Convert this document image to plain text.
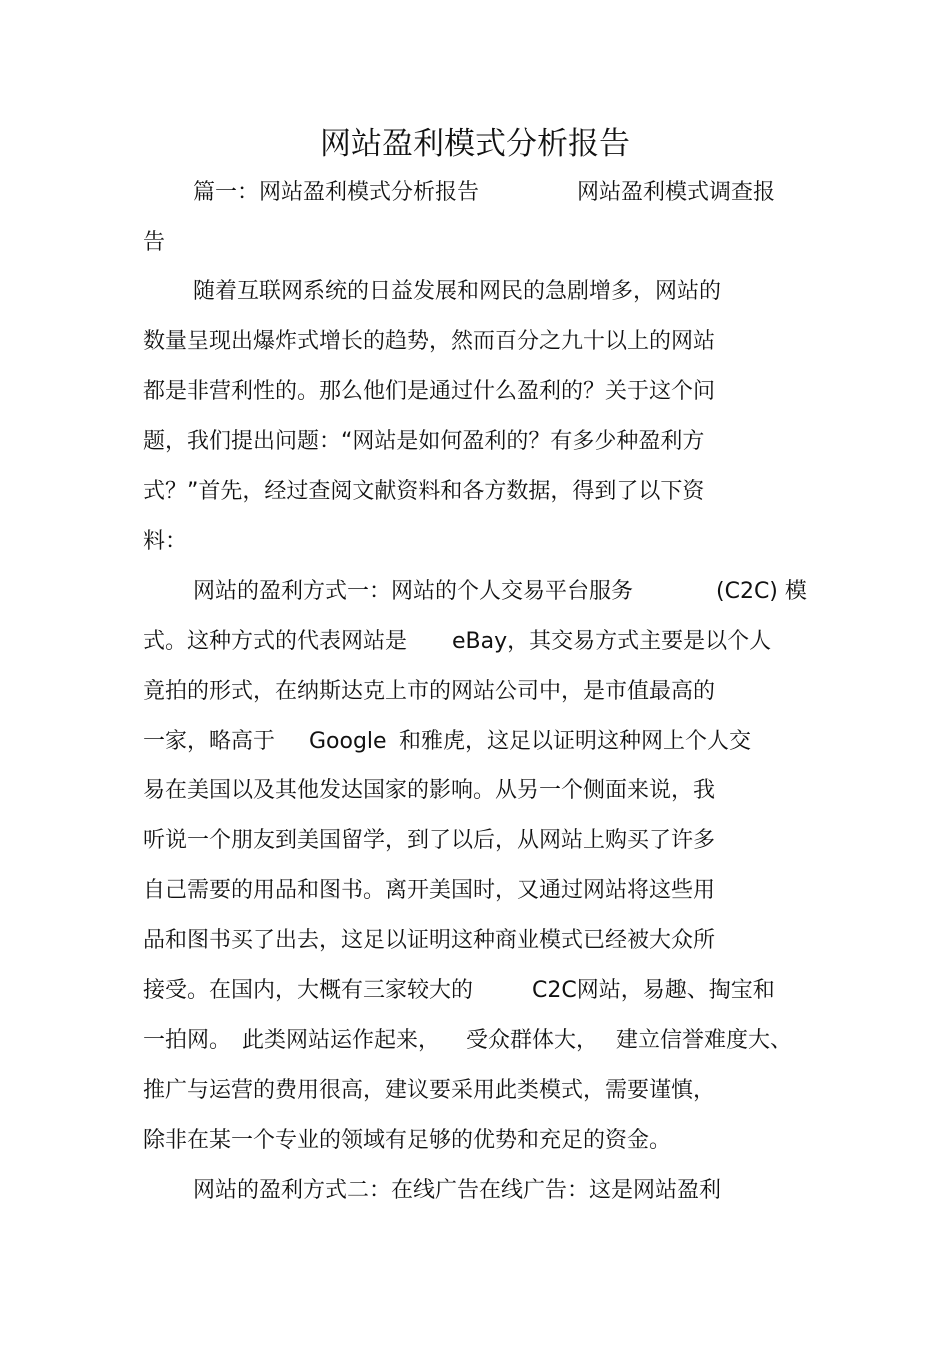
网站盈利模式分析报告
篇一：网站盈利模式分析报告	网站盈利模式调查报
告
随着互联网系统的日益发展和网民的急剧增多，网站的
数量呈现出爆炸式增长的趋势，然而百分之九十以上的网站
都是非营利性的。那么他们是通过什么盈利的？关于这个问
题，我们提出问题：“网站是如何盈利的？有多少种盈利方
式？”首先，经过查阅文献资料和各方数据，得到了以下资
料：
网站的盈利方式一：网站的个人交易平台服务	(C2C) 模
式。这种方式的代表网站是 eBay，其交易方式主要是以个人
竟拍的形式，在纳斯达克上市的网站公司中，是市值最高的
一家，略高于 Google 和雅虎，这足以证明这种网上个人交
易在美国以及其他发达国家的影响。从另一个侧面来说，我
听说一个朋友到美国留学，到了以后，从网站上购买了许多
自己需要的用品和图书。离开美国时，又通过网站将这些用
品和图书买了出去，这足以证明这种商业模式已经被大众所
接受。在国内，大概有三家较大的	C2C网站，易趣、掏宝和
一拍网。 此类网站运作起来， 受众群体大， 建立信誉难度大、
推广与运营的费用很高，建议要采用此类模式，需要谨慎，
除非在某一个专业的领域有足够的优势和充足的资金。
网站的盈利方式二：在线广告在线广告：这是网站盈利
